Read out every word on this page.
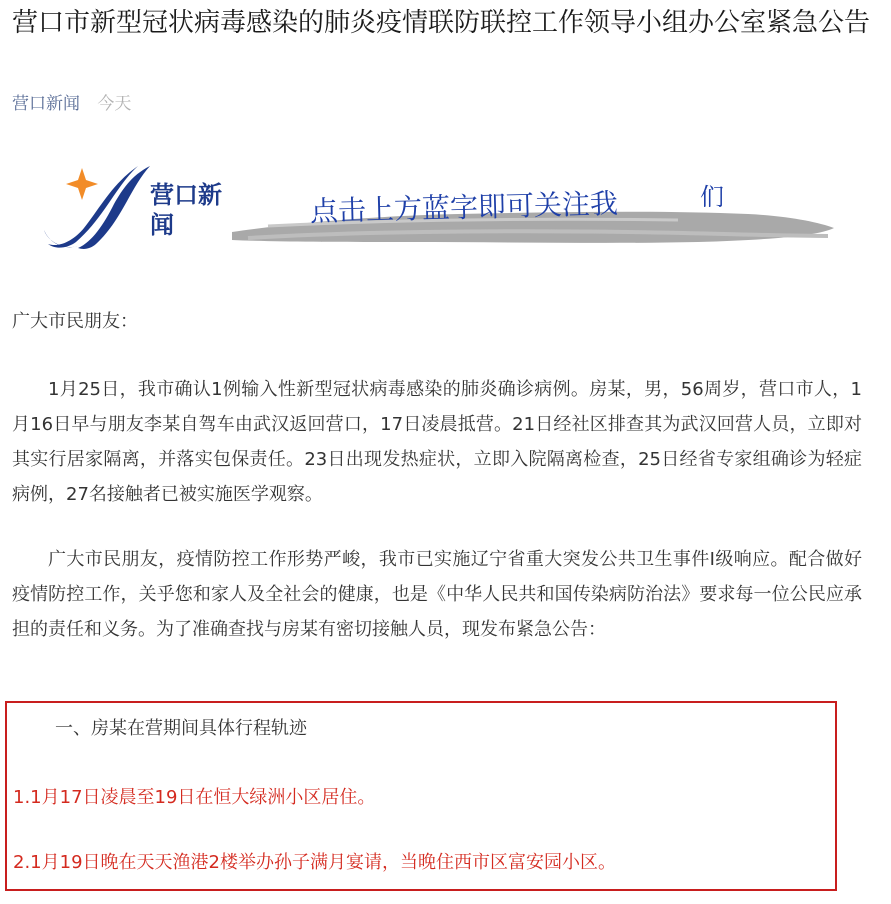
营口市新型冠状病毒感染的肺炎疫情联防联控工作领导小组办公室紧急公告
营口新闻 今天
营口新闻	点击上方蓝字即可关注我	们
广大市民朋友：

1月25日，我市确认1例输入性新型冠状病毒感染的肺炎确诊病例。房某，男，56周岁，营口市人，1月16日早与朋友李某自驾车由武汉返回营口，17日凌晨抵营。21日经社区排查其为武汉回营人员，立即对其实行居家隔离，并落实包保责任。23日出现发热症状，立即入院隔离检查，25日经省专家组确诊为轻症病例，27名接触者已被实施医学观察。

广大市民朋友，疫情防控工作形势严峻，我市已实施辽宁省重大突发公共卫生事件Ⅰ级响应。配合做好疫情防控工作，关乎您和家人及全社会的健康，也是《中华人民共和国传染病防治法》要求每一位公民应承担的责任和义务。为了准确查找与房某有密切接触人员，现发布紧急公告：

一、房某在营期间具体行程轨迹
1.1月17日凌晨至19日在恒大绿洲小区居住。
2.1月19日晚在天天渔港2楼举办孙子满月宴请，当晚住西市区富安园小区。
